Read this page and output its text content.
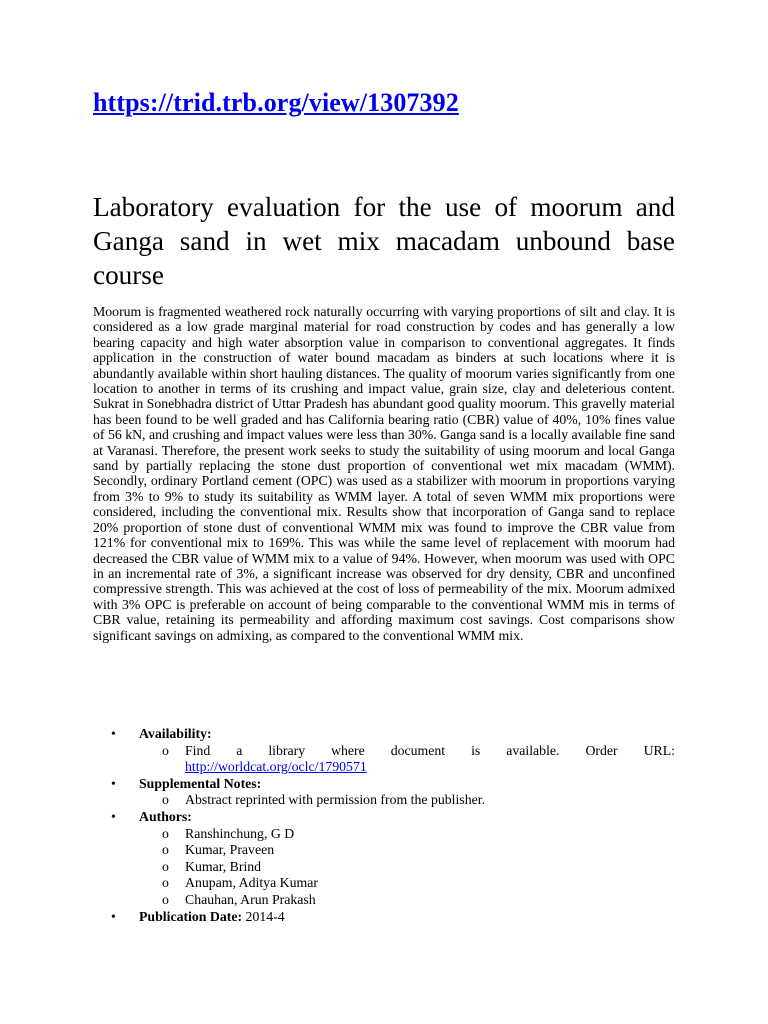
https://trid.trb.org/view/1307392
Laboratory evaluation for the use of moorum and Ganga sand in wet mix macadam unbound base course

Moorum is fragmented weathered rock naturally occurring with varying proportions of silt and clay. It is considered as a low grade marginal material for road construction by codes and has generally a low bearing capacity and high water absorption value in comparison to conventional aggregates. It finds application in the construction of water bound macadam as binders at such locations where it is abundantly available within short hauling distances. The quality of moorum varies significantly from one location to another in terms of its crushing and impact value, grain size, clay and deleterious content. Sukrat in Sonebhadra district of Uttar Pradesh has abundant good quality moorum. This gravelly material has been found to be well graded and has California bearing ratio (CBR) value of 40%, 10% fines value of 56 kN, and crushing and impact values were less than 30%. Ganga sand is a locally available fine sand at Varanasi. Therefore, the present work seeks to study the suitability of using moorum and local Ganga sand by partially replacing the stone dust proportion of conventional wet mix macadam (WMM). Secondly, ordinary Portland cement (OPC) was used as a stabilizer with moorum in proportions varying from 3% to 9% to study its suitability as WMM layer. A total of seven WMM mix proportions were considered, including the conventional mix. Results show that incorporation of Ganga sand to replace 20% proportion of stone dust of conventional WMM mix was found to improve the CBR value from 121% for conventional mix to 169%. This was while the same level of replacement with moorum had decreased the CBR value of WMM mix to a value of 94%. However, when moorum was used with OPC in an incremental rate of 3%, a significant increase was observed for dry density, CBR and unconfined compressive strength. This was achieved at the cost of loss of permeability of the mix. Moorum admixed with 3% OPC is preferable on account of being comparable to the conventional WMM mis in terms of CBR value, retaining its permeability and affording maximum cost savings. Cost comparisons show significant savings on admixing, as compared to the conventional WMM mix.

• Availability:
o Find a library where document is available. Order URL: http://worldcat.org/oclc/1790571
• Supplemental Notes:
o Abstract reprinted with permission from the publisher.
• Authors:
o Ranshinchung, G D
o Kumar, Praveen
o Kumar, Brind
o Anupam, Aditya Kumar
o Chauhan, Arun Prakash
• Publication Date: 2014-4
